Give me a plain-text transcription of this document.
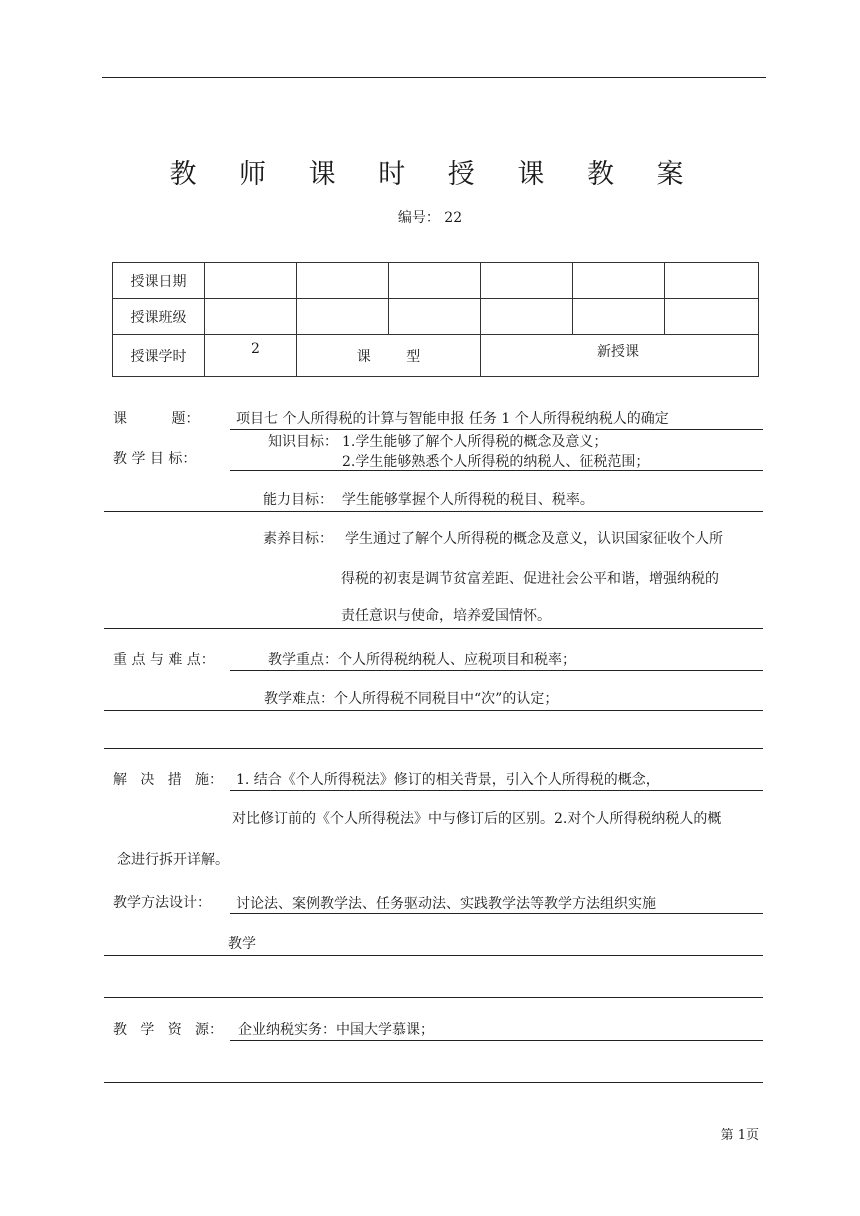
教 师 课 时 授 课 教 案
编号： 22
授课日期						
授课班级						
授课学时	2	课        型		新授课		
课          题：	项目七 个人所得税的计算与智能申报 任务 1 个人所得税纳税人的确定
知识目标： 1.学生能够了解个人所得税的概念及意义；
教 学 目 标：	2.学生能够熟悉个人所得税的纳税人、征税范围；
能力目标：  学生能够掌握个人所得税的税目、税率。
素养目标： 学生通过了解个人所得税的概念及意义，认识国家征收个人所
得税的初衷是调节贫富差距、促进社会公平和谐，增强纳税的
责任意识与使命，培养爱国情怀。
重 点 与 难 点：	教学重点：个人所得税纳税人、应税项目和税率；
教学难点：个人所得税不同税目中“次”的认定；
解   决   措   施： 1. 结合《个人所得税法》修订的相关背景，引入个人所得税的概念，
对比修订前的《个人所得税法》中与修订后的区别。2.对个人所得税纳税人的概
念进行拆开详解。
教学方法设计： 讨论法、案例教学法、任务驱动法、实践教学法等教学方法组织实施
教学
教   学   资   源： 企业纳税实务：中国大学慕课；
第 1页
